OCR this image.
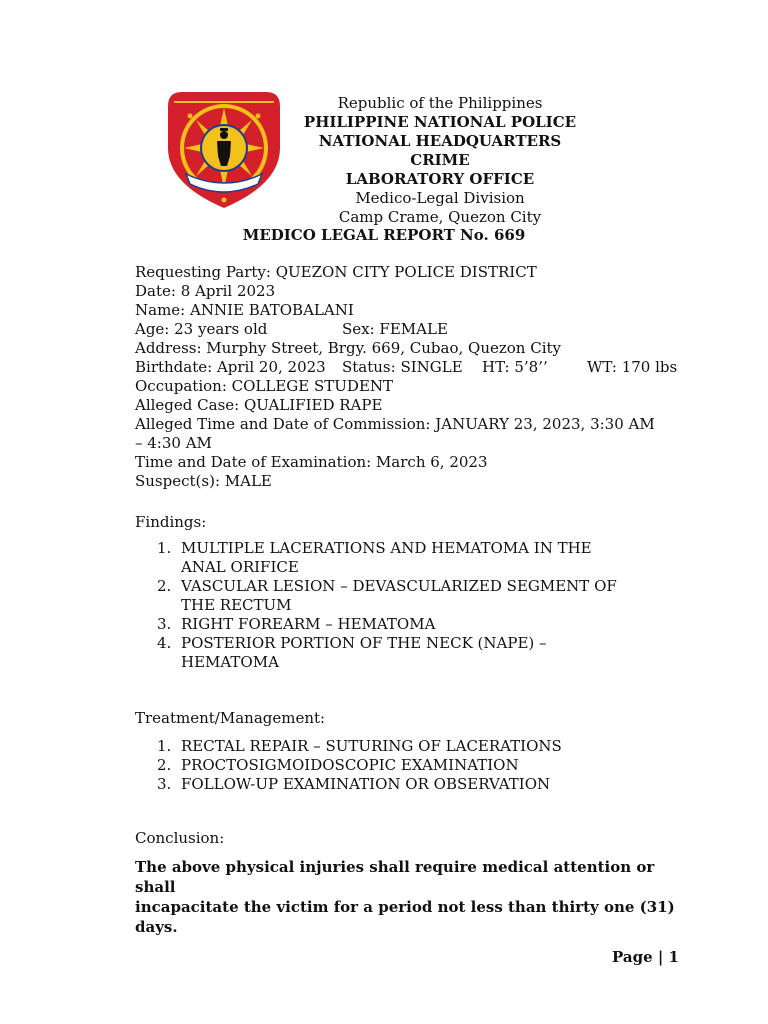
Republic of the Philippines
PHILIPPINE NATIONAL POLICE
NATIONAL HEADQUARTERS CRIME
LABORATORY OFFICE
Medico-Legal Division
Camp Crame, Quezon City
MEDICO LEGAL REPORT No. 669
Requesting Party: QUEZON CITY POLICE DISTRICT
Date: 8 April 2023
Name: ANNIE BATOBALANI
Age: 23 years old	Sex: FEMALE
Address: Murphy Street, Brgy. 669, Cubao, Quezon City
Birthdate: April 20, 2023 Status: SINGLE HT: 5’8’’	WT: 170 lbs
Occupation: COLLEGE STUDENT
Alleged Case: QUALIFIED RAPE
Alleged Time and Date of Commission: JANUARY 23, 2023, 3:30 AM
– 4:30 AM
Time and Date of Examination: March 6, 2023
Suspect(s): MALE
Findings:
1. MULTIPLE LACERATIONS AND HEMATOMA IN THE
ANAL ORIFICE
2. VASCULAR LESION – DEVASCULARIZED SEGMENT OF
THE RECTUM
3. RIGHT FOREARM – HEMATOMA
4. POSTERIOR PORTION OF THE NECK (NAPE) –
HEMATOMA
Treatment/Management:
1. RECTAL REPAIR – SUTURING OF LACERATIONS
2. PROCTOSIGMOIDOSCOPIC EXAMINATION
3. FOLLOW-UP EXAMINATION OR OBSERVATION
Conclusion:
The above physical injuries shall require medical attention or shall
incapacitate the victim for a period not less than thirty one (31) days.
Page | 1
